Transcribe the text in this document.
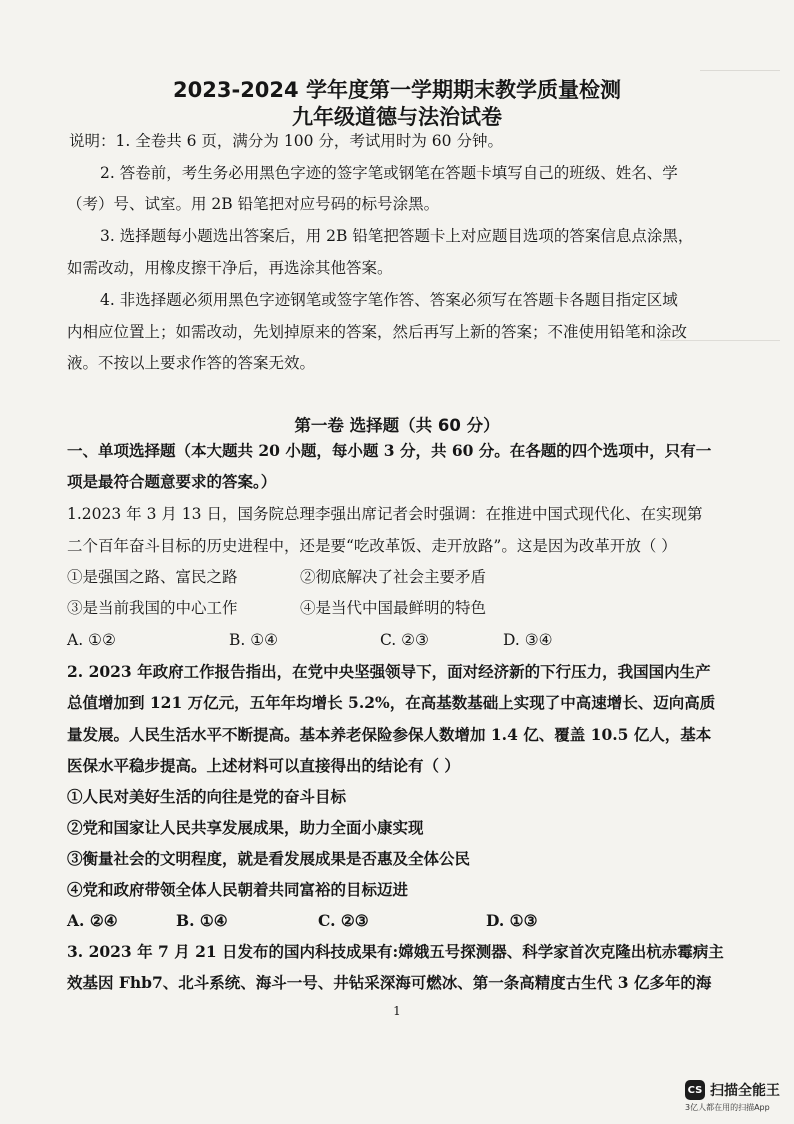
2023-2024 学年度第一学期期末教学质量检测
九年级道德与法治试卷
说明：1. 全卷共 6 页，满分为 100 分，考试用时为 60 分钟。
2. 答卷前，考生务必用黑色字迹的签字笔或钢笔在答题卡填写自己的班级、姓名、学
（考）号、试室。用 2B 铅笔把对应号码的标号涂黑。
3. 选择题每小题选出答案后，用 2B 铅笔把答题卡上对应题目选项的答案信息点涂黑，
如需改动，用橡皮擦干净后，再选涂其他答案。
4. 非选择题必须用黑色字迹钢笔或签字笔作答、答案必须写在答题卡各题目指定区域
内相应位置上；如需改动，先划掉原来的答案，然后再写上新的答案；不准使用铅笔和涂改
液。不按以上要求作答的答案无效。
第一卷 选择题（共 60 分）
一、单项选择题（本大题共 20 小题，每小题 3 分，共 60 分。在各题的四个选项中，只有一
项是最符合题意要求的答案。）
1.2023 年 3 月 13 日，国务院总理李强出席记者会时强调：在推进中国式现代化、在实现第
二个百年奋斗目标的历史进程中，还是要“吃改革饭、走开放路”。这是因为改革开放（ ）
①是强国之路、富民之路	②彻底解决了社会主要矛盾
③是当前我国的中心工作	④是当代中国最鲜明的特色
A. ①②	B. ①④	C. ②③	D. ③④
2. 2023 年政府工作报告指出，在党中央坚强领导下，面对经济新的下行压力，我国国内生产
总值增加到 121 万亿元，五年年均增长 5.2%，在高基数基础上实现了中高速增长、迈向高质
量发展。人民生活水平不断提高。基本养老保险参保人数增加 1.4 亿、覆盖 10.5 亿人，基本
医保水平稳步提高。上述材料可以直接得出的结论有（ ）
①人民对美好生活的向往是党的奋斗目标
②党和国家让人民共享发展成果，助力全面小康实现
③衡量社会的文明程度，就是看发展成果是否惠及全体公民
④党和政府带领全体人民朝着共同富裕的目标迈进
A. ②④	B. ①④	C. ②③	D. ①③
3. 2023 年 7 月 21 日发布的国内科技成果有:嫦娥五号探测器、科学家首次克隆出杭赤霉病主
效基因 Fhb7、北斗系统、海斗一号、井钻采深海可燃冰、第一条高精度古生代 3 亿多年的海
1
CS 扫描全能王
3亿人都在用的扫描App
